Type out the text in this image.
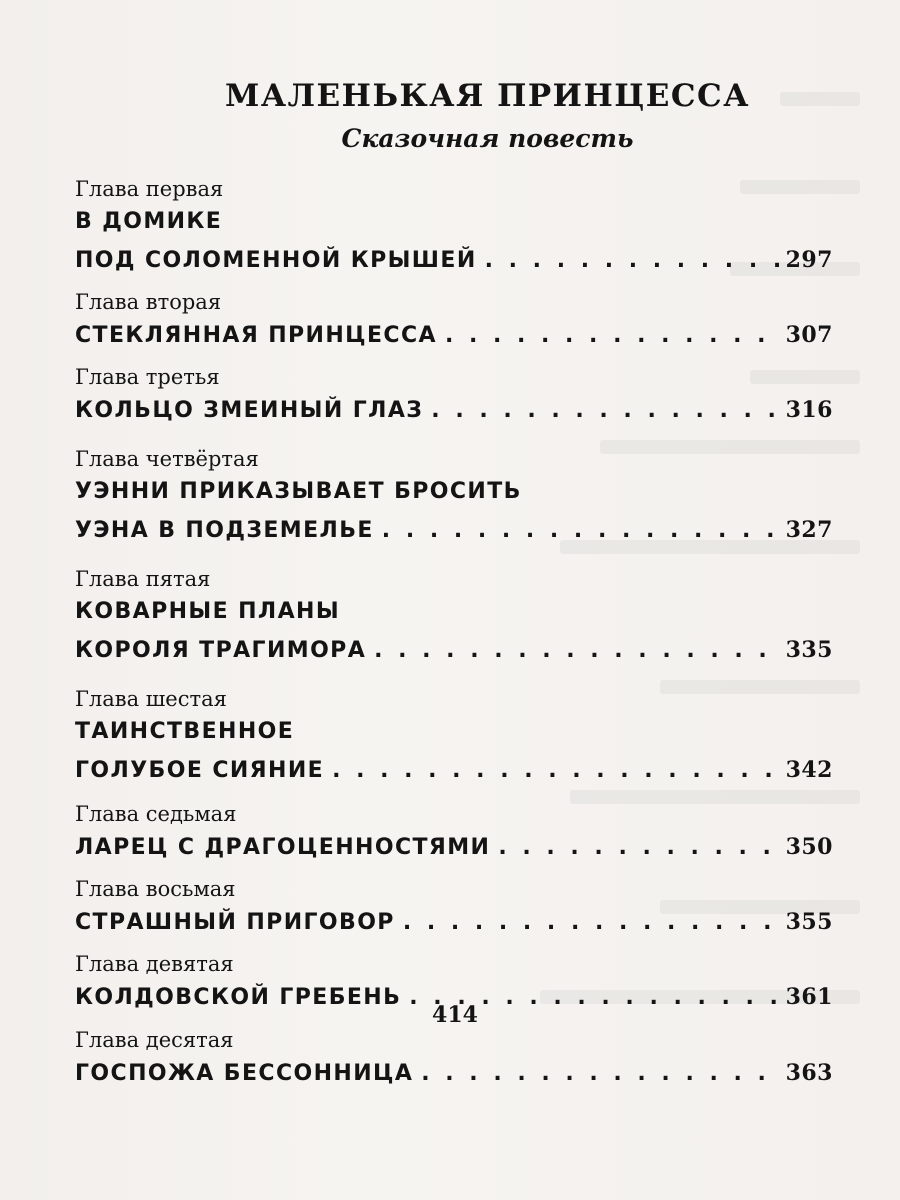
МАЛЕНЬКАЯ ПРИНЦЕССА
Сказочная повесть
Глава первая
В ДОМИКЕ
ПОД СОЛОМЕННОЙ КРЫШЕЙ . . .	297
Глава вторая
СТЕКЛЯННАЯ ПРИНЦЕССА . . .	307
Глава третья
КОЛЬЦО ЗМЕИНЫЙ ГЛАЗ . . .	316
Глава четвёртая
УЭННИ ПРИКАЗЫВАЕТ БРОСИТЬ
УЭНА В ПОДЗЕМЕЛЬЕ . . .	327
Глава пятая
КОВАРНЫЕ ПЛАНЫ
КОРОЛЯ ТРАГИМОРА . . .	335
Глава шестая
ТАИНСТВЕННОЕ
ГОЛУБОЕ СИЯНИЕ . . .	342
Глава седьмая
ЛАРЕЦ С ДРАГОЦЕННОСТЯМИ . . .	350
Глава восьмая
СТРАШНЫЙ ПРИГОВОР . . .	355
Глава девятая
КОЛДОВСКОЙ ГРЕБЕНЬ . . .	361
Глава десятая
ГОСПОЖА БЕССОННИЦА . . .	363
414
